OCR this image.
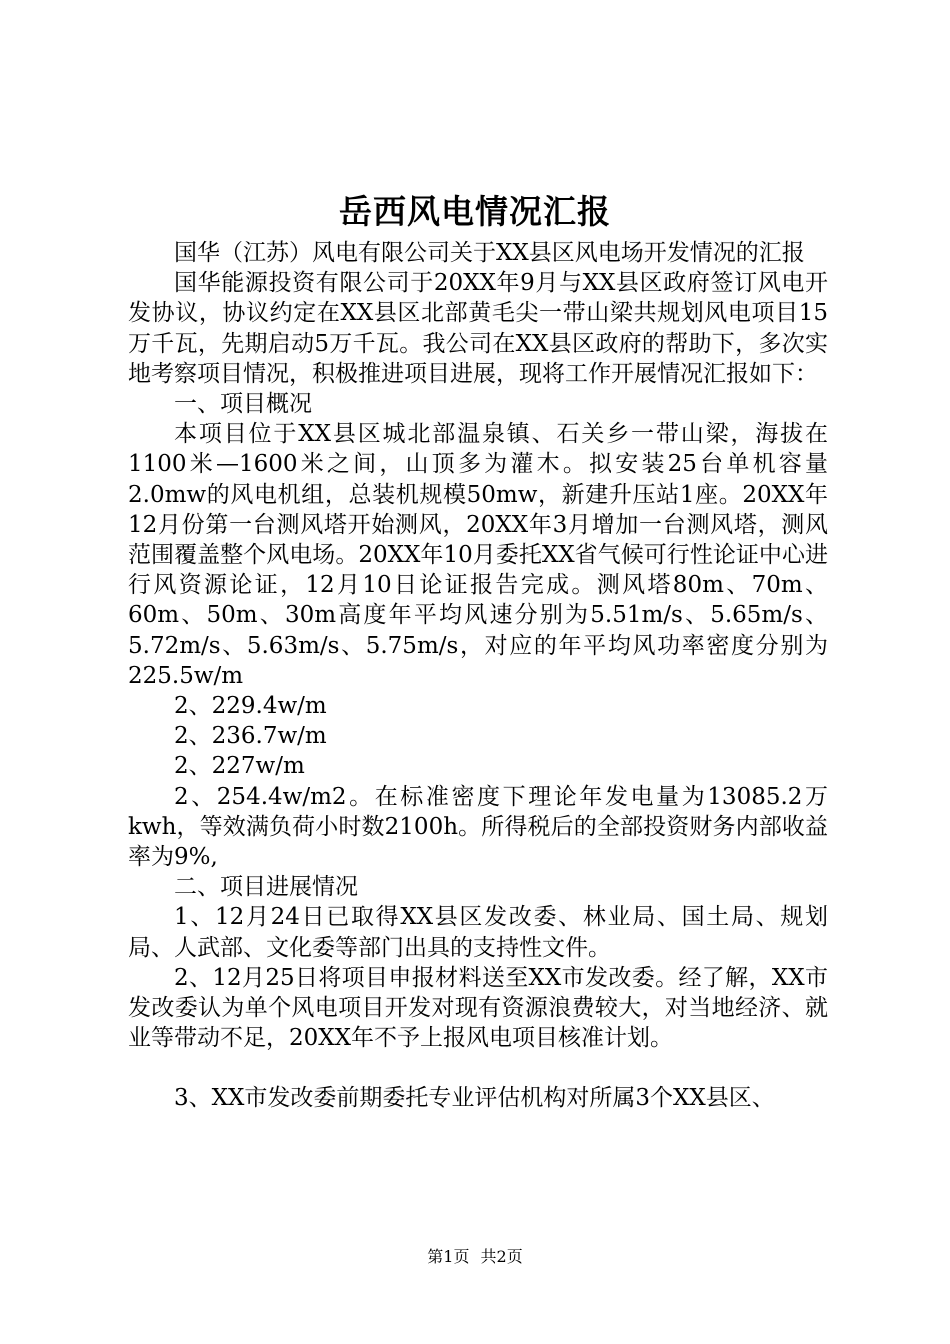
岳西风电情况汇报

国华（江苏）风电有限公司关于XX县区风电场开发情况的汇报

国华能源投资有限公司于20XX年9月与XX县区政府签订风电开发协议，协议约定在XX县区北部黄毛尖一带山梁共规划风电项目15万千瓦，先期启动5万千瓦。我公司在XX县区政府的帮助下，多次实地考察项目情况，积极推进项目进展，现将工作开展情况汇报如下：

一、项目概况

本项目位于XX县区城北部温泉镇、石关乡一带山梁，海拔在1100米—1600米之间，山顶多为灌木。拟安装25台单机容量2.0mw的风电机组，总装机规模50mw，新建升压站1座。20XX年12月份第一台测风塔开始测风，20XX年3月增加一台测风塔，测风范围覆盖整个风电场。20XX年10月委托XX省气候可行性论证中心进行风资源论证，12月10日论证报告完成。测风塔80m、70m、60m、50m、30m高度年平均风速分别为5.51m/s、5.65m/s、5.72m/s、5.63m/s、5.75m/s，对应的年平均风功率密度分别为225.5w/m

2、229.4w/m

2、236.7w/m

2、227w/m

2、254.4w/m2。在标准密度下理论年发电量为13085.2万kwh，等效满负荷小时数2100h。所得税后的全部投资财务内部收益率为9%,

二、项目进展情况

1、12月24日已取得XX县区发改委、林业局、国土局、规划局、人武部、文化委等部门出具的支持性文件。

2、12月25日将项目申报材料送至XX市发改委。经了解，XX市发改委认为单个风电项目开发对现有资源浪费较大，对当地经济、就业等带动不足，20XX年不予上报风电项目核准计划。

3、XX市发改委前期委托专业评估机构对所属3个XX县区、

第1页 共2页
